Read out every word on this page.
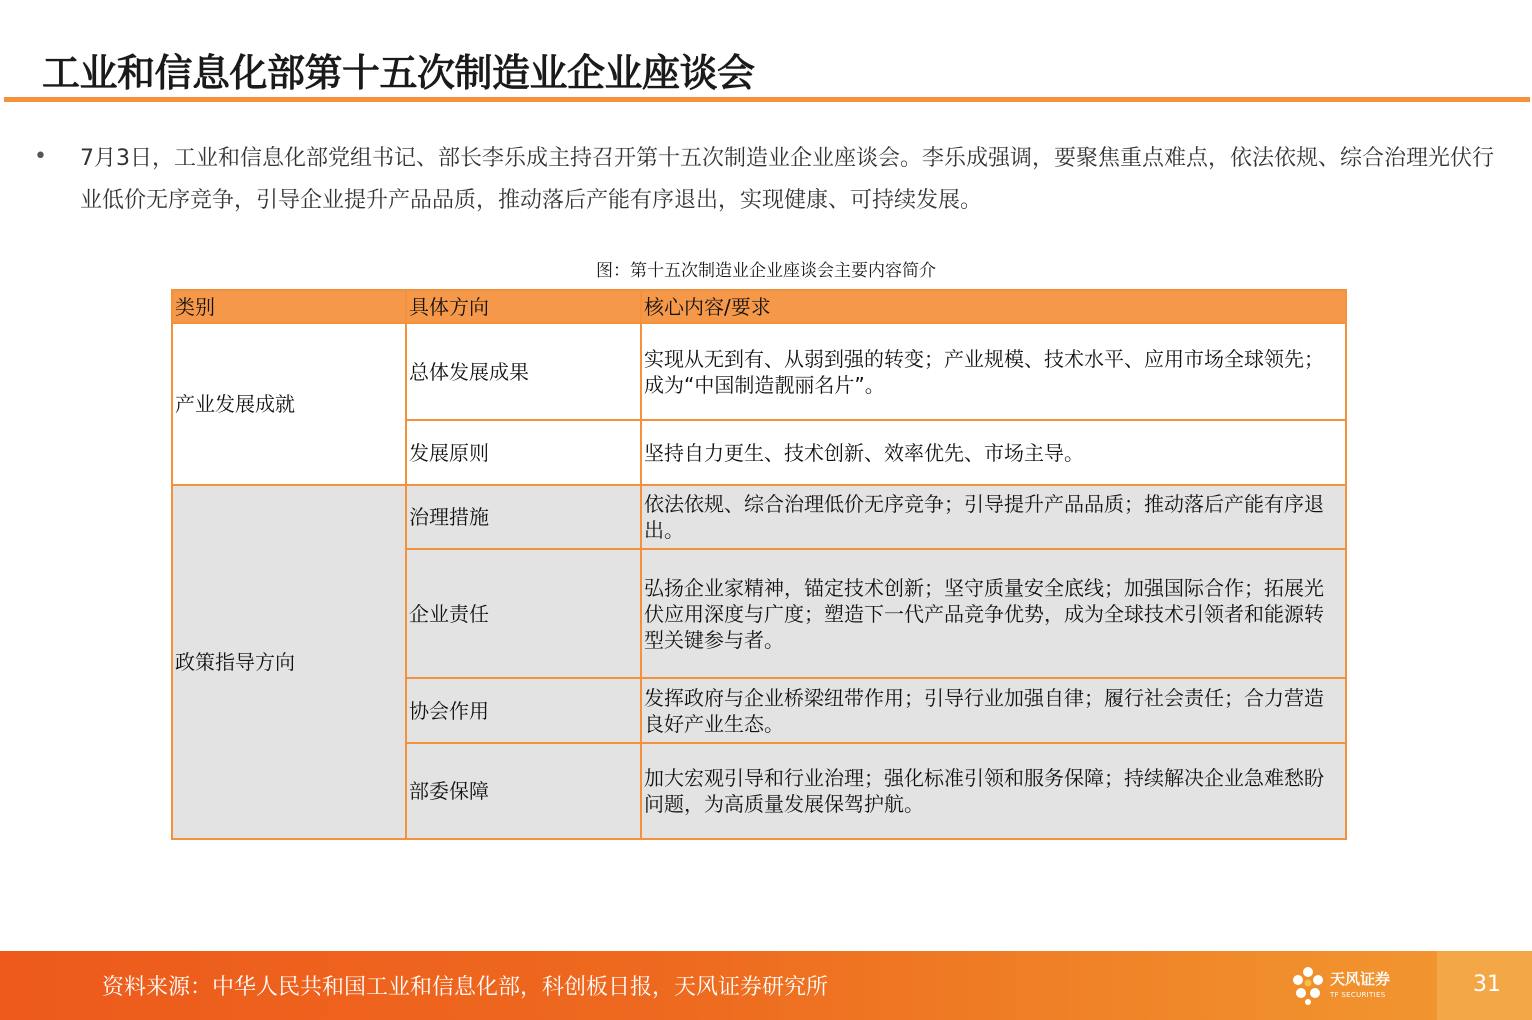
工业和信息化部第十五次制造业企业座谈会
• 7月3日，工业和信息化部党组书记、部长李乐成主持召开第十五次制造业企业座谈会。李乐成强调，要聚焦重点难点，依法依规、综合治理光伏行业低价无序竞争，引导企业提升产品品质，推动落后产能有序退出，实现健康、可持续发展。
图：第十五次制造业企业座谈会主要内容简介
类别	具体方向	核心内容/要求
产业发展成就	总体发展成果	实现从无到有、从弱到强的转变；产业规模、技术水平、应用市场全球领先；成为“中国制造靓丽名片”。
	发展原则	坚持自力更生、技术创新、效率优先、市场主导。
政策指导方向	治理措施	依法依规、综合治理低价无序竞争；引导提升产品品质；推动落后产能有序退出。
	企业责任	弘扬企业家精神，锚定技术创新；坚守质量安全底线；加强国际合作；拓展光伏应用深度与广度；塑造下一代产品竞争优势，成为全球技术引领者和能源转型关键参与者。
	协会作用	发挥政府与企业桥梁纽带作用；引导行业加强自律；履行社会责任；合力营造良好产业生态。
	部委保障	加大宏观引导和行业治理；强化标准引领和服务保障；持续解决企业急难愁盼问题，为高质量发展保驾护航。
资料来源：中华人民共和国工业和信息化部，科创板日报，天风证券研究所	天风证券
TF SECURITIES	31
